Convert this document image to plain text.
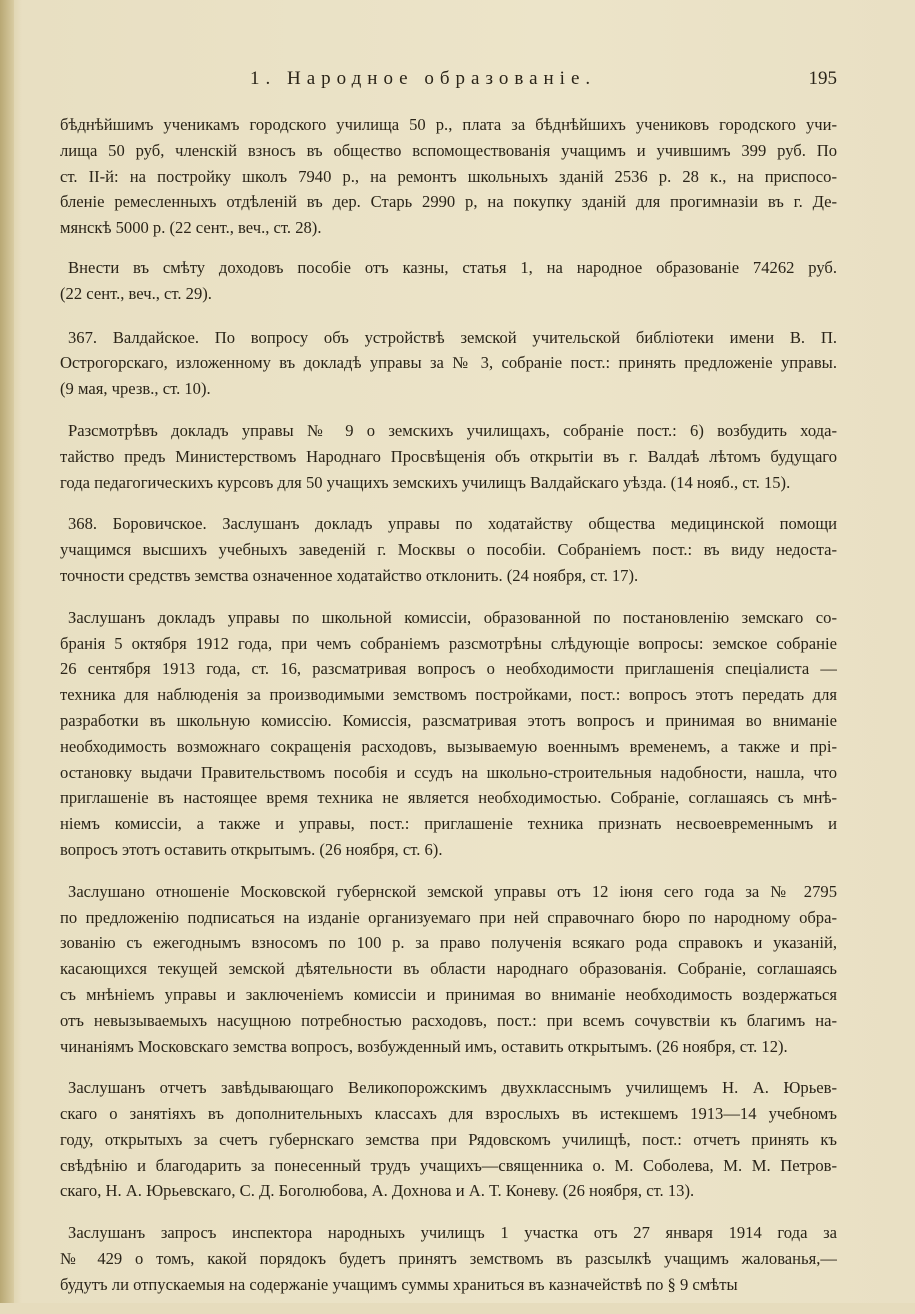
1. Народное образованіе.	195
бѣднѣйшимъ ученикамъ городского училища 50 р., плата за бѣднѣйшихъ учениковъ городского учи-
лища 50 руб, членскій взносъ въ общество вспомоществованія учащимъ и учившимъ 399 руб. По
ст. II-й: на постройку школъ 7940 р., на ремонтъ школьныхъ зданій 2536 р. 28 к., на приспосо-
бленіе ремесленныхъ отдѣленій въ дер. Старь 2990 р, на покупку зданій для прогимназіи въ г. Де-
мянскѣ 5000 р. (22 сент., веч., ст. 28).
Внести въ смѣту доходовъ пособіе отъ казны, статья 1, на народное образованіе 74262 руб.
(22 сент., веч., ст. 29).
367. Валдайское. По вопросу объ устройствѣ земской учительской библіотеки имени В. П.
Острогорскаго, изложенному въ докладѣ управы за № 3, собраніе пост.: принять предложеніе управы.
(9 мая, чрезв., ст. 10).
Разсмотрѣвъ докладъ управы № 9 о земскихъ училищахъ, собраніе пост.: 6) возбудить хода-
тайство предъ Министерствомъ Народнаго Просвѣщенія объ открытіи въ г. Валдаѣ лѣтомъ будущаго
года педагогическихъ курсовъ для 50 учащихъ земскихъ училищъ Валдайскаго уѣзда. (14 нояб., ст. 15).
368. Боровичское. Заслушанъ докладъ управы по ходатайству общества медицинской помощи
учащимся высшихъ учебныхъ заведеній г. Москвы о пособіи. Собраніемъ пост.: въ виду недоста-
точности средствъ земства означенное ходатайство отклонить. (24 ноября, ст. 17).
Заслушанъ докладъ управы по школьной комиссіи, образованной по постановленію земскаго со-
бранія 5 октября 1912 года, при чемъ собраніемъ разсмотрѣны слѣдующіе вопросы: земское собраніе
26 сентября 1913 года, ст. 16, разсматривая вопросъ о необходимости приглашенія спеціалиста —
техника для наблюденія за производимыми земствомъ постройками, пост.: вопросъ этотъ передать для
разработки въ школьную комиссію. Комиссія, разсматривая этотъ вопросъ и принимая во вниманіе
необходимость возможнаго сокращенія расходовъ, вызываемую военнымъ временемъ, а также и прі-
остановку выдачи Правительствомъ пособія и ссудъ на школьно-строительныя надобности, нашла, что
приглашеніе въ настоящее время техника не является необходимостью. Собраніе, соглашаясь съ мнѣ-
ніемъ комиссіи, а также и управы, пост.: приглашеніе техника признать несвоевременнымъ и
вопросъ этотъ оставить открытымъ. (26 ноября, ст. 6).
Заслушано отношеніе Московской губернской земской управы отъ 12 іюня сего года за № 2795
по предложенію подписаться на изданіе организуемаго при ней справочнаго бюро по народному обра-
зованію съ ежегоднымъ взносомъ по 100 р. за право полученія всякаго рода справокъ и указаній,
касающихся текущей земской дѣятельности въ области народнаго образованія. Собраніе, соглашаясь
съ мнѣніемъ управы и заключеніемъ комиссіи и принимая во вниманіе необходимость воздержаться
отъ невызываемыхъ насущною потребностью расходовъ, пост.: при всемъ сочувствіи къ благимъ на-
чинаніямъ Московскаго земства вопросъ, возбужденный имъ, оставить открытымъ. (26 ноября, ст. 12).
Заслушанъ отчетъ завѣдывающаго Великопорожскимъ двухкласснымъ училищемъ Н. А. Юрьев-
скаго о занятіяхъ въ дополнительныхъ классахъ для взрослыхъ въ истекшемъ 1913—14 учебномъ
году, открытыхъ за счетъ губернскаго земства при Рядовскомъ училищѣ, пост.: отчетъ принять къ
свѣдѣнію и благодарить за понесенный трудъ учащихъ—священника о. М. Соболева, М. М. Петров-
скаго, Н. А. Юрьевскаго, С. Д. Боголюбова, А. Дохнова и А. Т. Коневу. (26 ноября, ст. 13).
Заслушанъ запросъ инспектора народныхъ училищъ 1 участка отъ 27 января 1914 года за
№ 429 о томъ, какой порядокъ будетъ принятъ земствомъ въ разсылкѣ учащимъ жалованья,—
будутъ ли отпускаемыя на содержаніе учащимъ суммы храниться въ казначействѣ по § 9 смѣты
